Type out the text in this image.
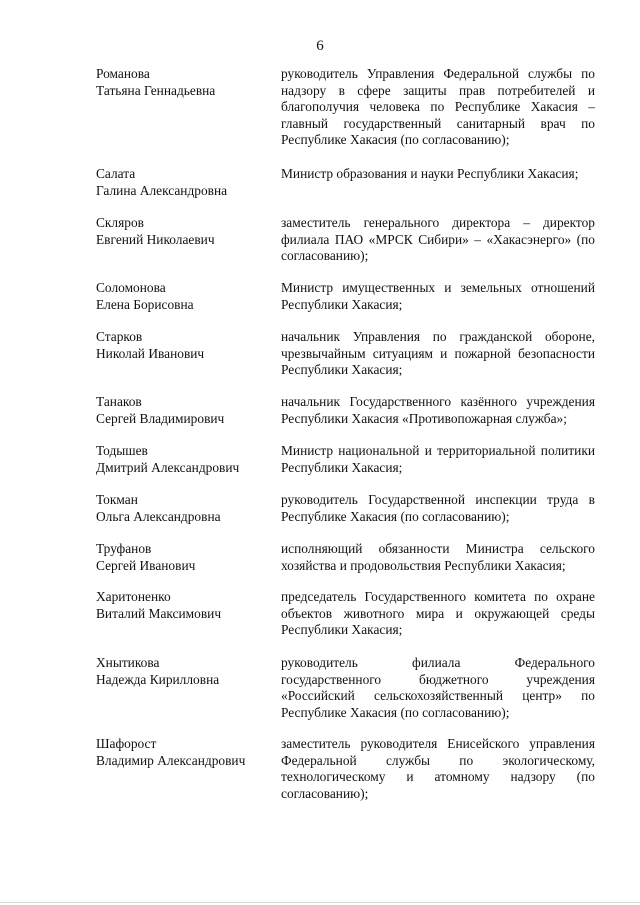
6
Романова
Татьяна Геннадьевна
руководитель Управления Федеральной службы по надзору в сфере защиты прав потребителей и благополучия человека по Республике Хакасия – главный государственный санитарный врач по Республике Хакасия (по согласованию);
Салата
Галина Александровна
Министр образования и науки Республики Хакасия;
Скляров
Евгений Николаевич
заместитель генерального директора – директор филиала ПАО «МРСК Сибири» – «Хакасэнерго» (по согласованию);
Соломонова
Елена Борисовна
Министр имущественных и земельных отношений Республики Хакасия;
Старков
Николай Иванович
начальник Управления по гражданской обороне, чрезвычайным ситуациям и пожарной безопасности Республики Хакасия;
Танаков
Сергей Владимирович
начальник Государственного казённого учреждения Республики Хакасия «Противопожарная служба»;
Тодышев
Дмитрий Александрович
Министр национальной и территориальной политики Республики Хакасия;
Токман
Ольга Александровна
руководитель Государственной инспекции труда в Республике Хакасия (по согласованию);
Труфанов
Сергей Иванович
исполняющий обязанности Министра сельского хозяйства и продовольствия Республики Хакасия;
Харитоненко
Виталий Максимович
председатель Государственного комитета по охране объектов животного мира и окружающей среды Республики Хакасия;
Хнытикова
Надежда Кирилловна
руководитель филиала Федерального государственного бюджетного учреждения «Российский сельскохозяйственный центр» по Республике Хакасия (по согласованию);
Шафорост
Владимир Александрович
заместитель руководителя Енисейского управления Федеральной службы по экологическому, технологическому и атомному надзору (по согласованию);
